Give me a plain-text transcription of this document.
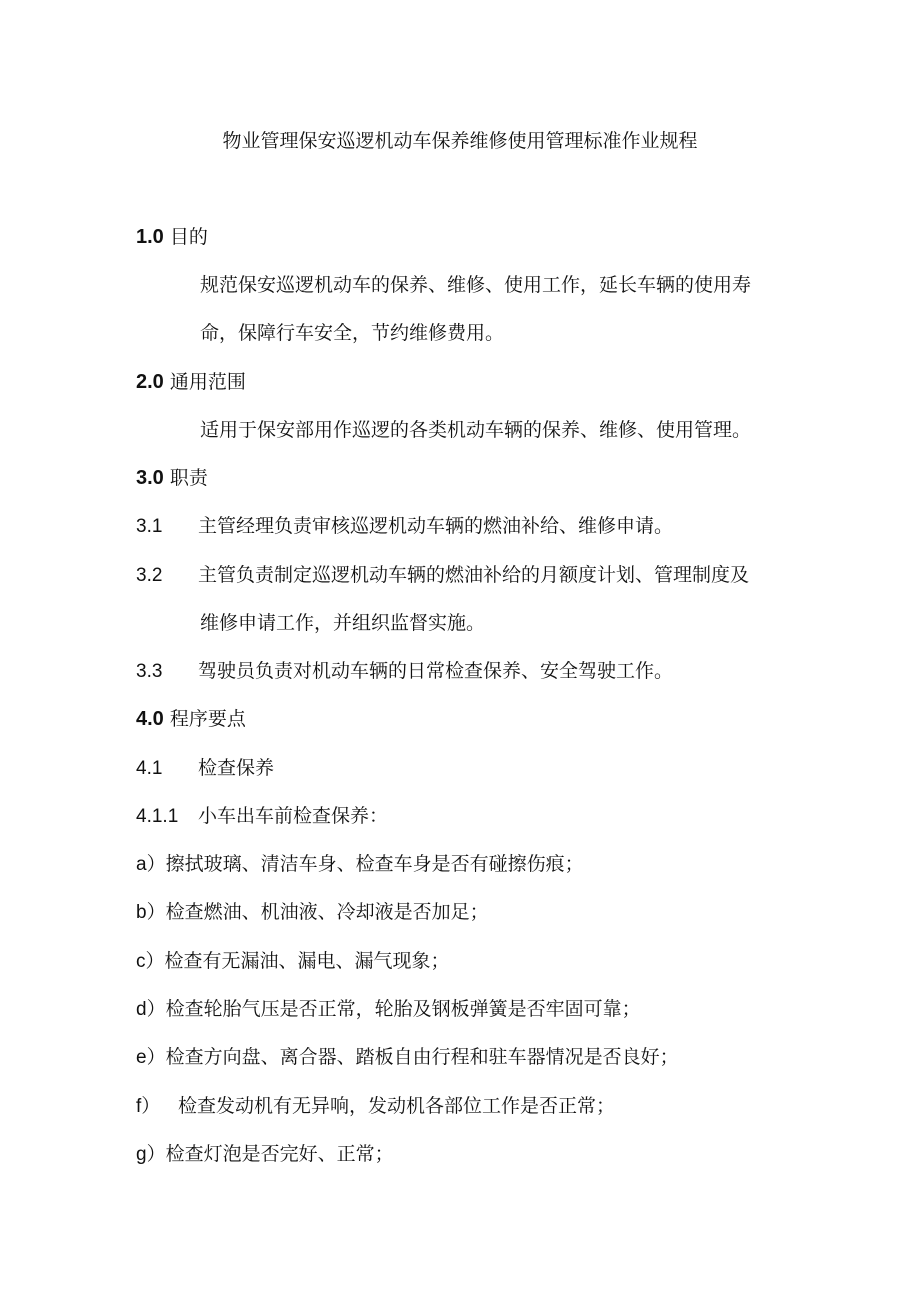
物业管理保安巡逻机动车保养维修使用管理标准作业规程
1.0 目的
规范保安巡逻机动车的保养、维修、使用工作，延长车辆的使用寿
命，保障行车安全，节约维修费用。
2.0 通用范围
适用于保安部用作巡逻的各类机动车辆的保养、维修、使用管理。
3.0 职责
3.1 主管经理负责审核巡逻机动车辆的燃油补给、维修申请。
3.2 主管负责制定巡逻机动车辆的燃油补给的月额度计划、管理制度及
维修申请工作，并组织监督实施。
3.3 驾驶员负责对机动车辆的日常检查保养、安全驾驶工作。
4.0 程序要点
4.1 检查保养
4.1.1 小车出车前检查保养：
a）擦拭玻璃、清洁车身、检查车身是否有碰擦伤痕；
b）检查燃油、机油液、冷却液是否加足；
c）检查有无漏油、漏电、漏气现象；
d）检查轮胎气压是否正常，轮胎及钢板弹簧是否牢固可靠；
e）检查方向盘、离合器、踏板自由行程和驻车器情况是否良好；
f） 检查发动机有无异响，发动机各部位工作是否正常；
g）检查灯泡是否完好、正常；
